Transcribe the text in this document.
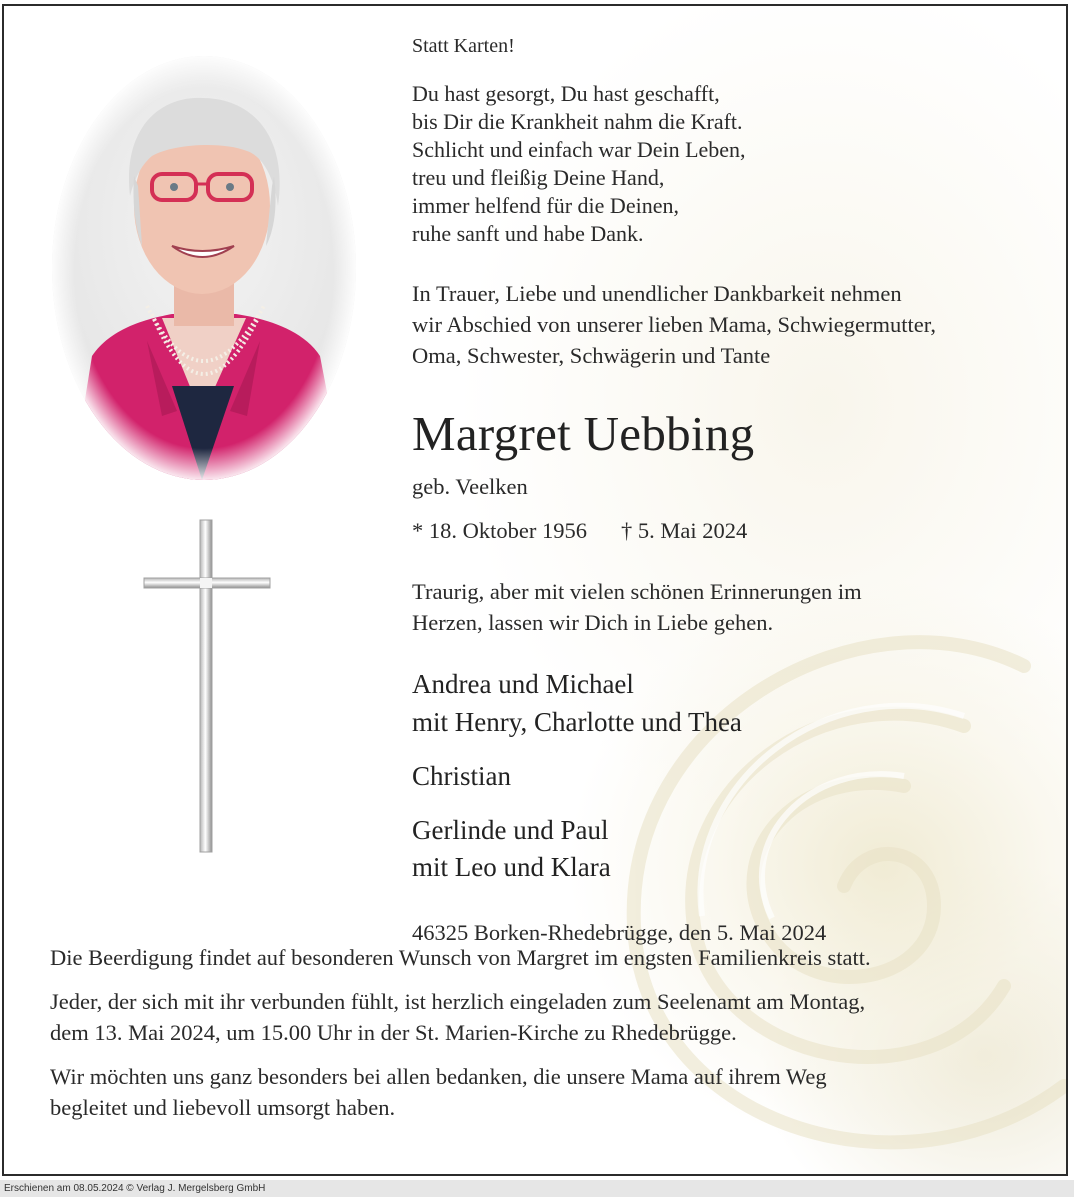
Statt Karten!
Du hast gesorgt, Du hast geschafft,
bis Dir die Krankheit nahm die Kraft.
Schlicht und einfach war Dein Leben,
treu und fleißig Deine Hand,
immer helfend für die Deinen,
ruhe sanft und habe Dank.
In Trauer, Liebe und unendlicher Dankbarkeit nehmen
wir Abschied von unserer lieben Mama, Schwiegermutter,
Oma, Schwester, Schwägerin und Tante
Margret Uebbing
geb. Veelken
* 18. Oktober 1956 † 5. Mai 2024
Traurig, aber mit vielen schönen Erinnerungen im
Herzen, lassen wir Dich in Liebe gehen.
Andrea und Michael
mit Henry, Charlotte und Thea
Christian
Gerlinde und Paul
mit Leo und Klara
46325 Borken-Rhedebrügge, den 5. Mai 2024
Die Beerdigung findet auf besonderen Wunsch von Margret im engsten Familienkreis statt.
Jeder, der sich mit ihr verbunden fühlt, ist herzlich eingeladen zum Seelenamt am Montag,
dem 13. Mai 2024, um 15.00 Uhr in der St. Marien-Kirche zu Rhedebrügge.
Wir möchten uns ganz besonders bei allen bedanken, die unsere Mama auf ihrem Weg
begleitet und liebevoll umsorgt haben.
Erschienen am 08.05.2024 © Verlag J. Mergelsberg GmbH
